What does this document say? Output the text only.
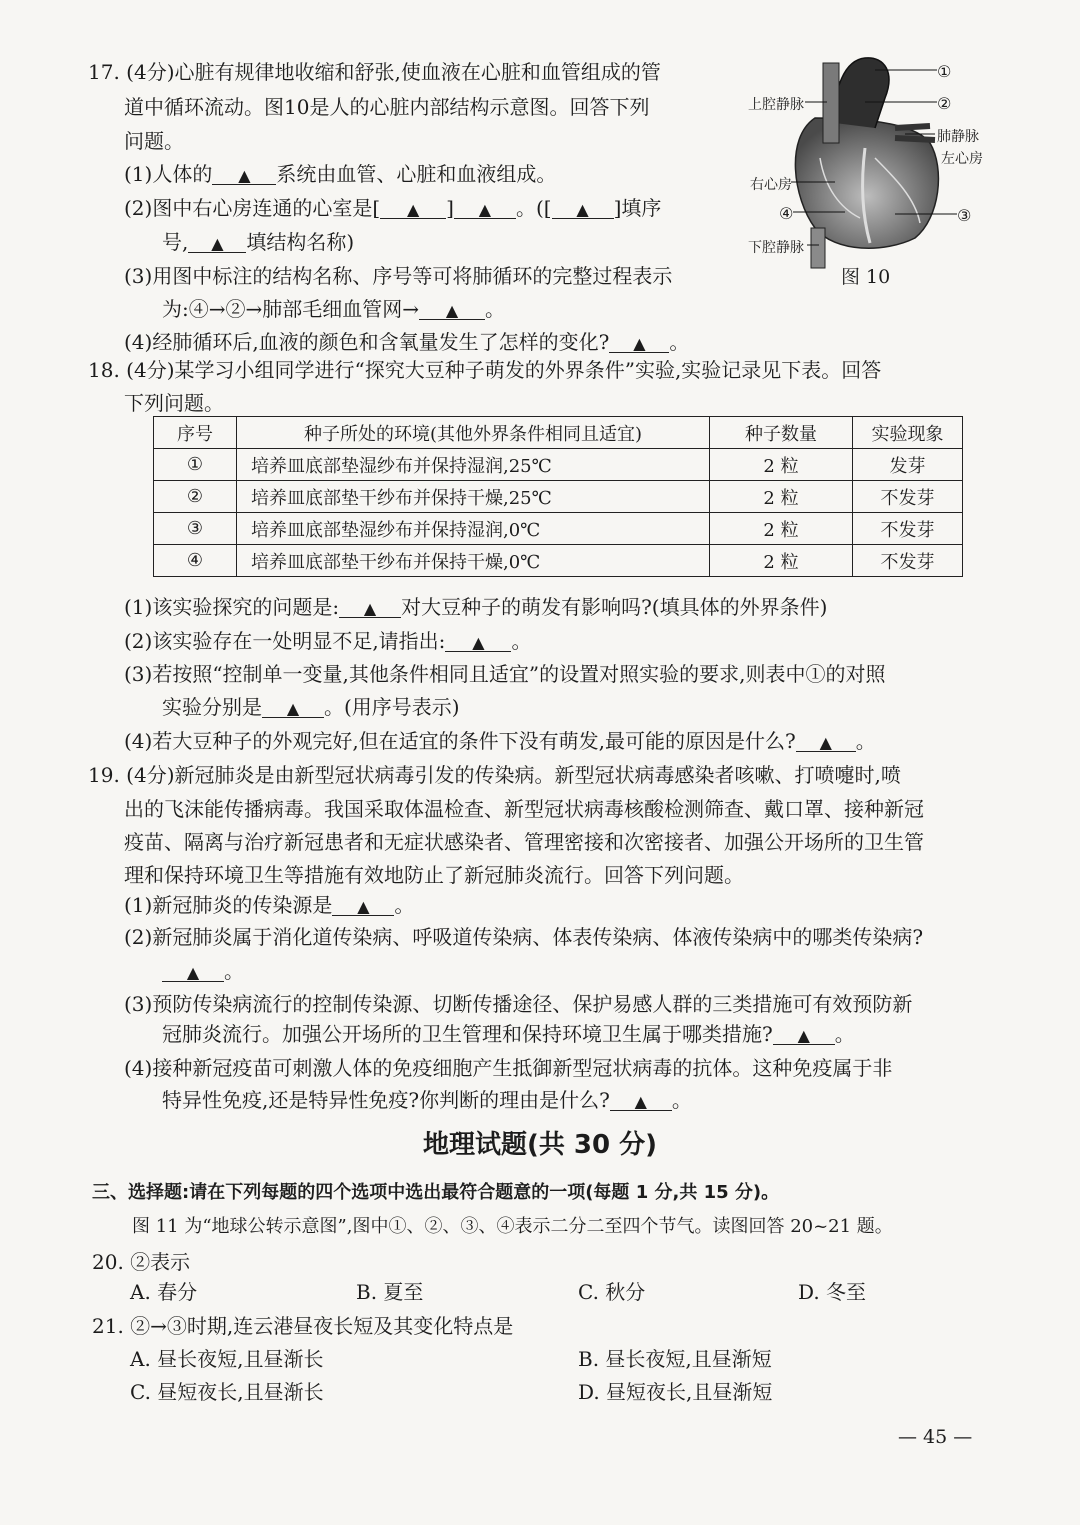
17. (4分)心脏有规律地收缩和舒张,使血液在心脏和血管组成的管
道中循环流动。图10是人的心脏内部结构示意图。回答下列
问题。
(1)人体的 ▲ 系统由血管、心脏和血液组成。
(2)图中右心房连通的心室是[ ▲ ] ▲ 。([ ▲ ]填序
号, ▲ 填结构名称)
(3)用图中标注的结构名称、序号等可将肺循环的完整过程表示
为:④→②→肺部毛细血管网→ ▲ 。
(4)经肺循环后,血液的颜色和含氧量发生了怎样的变化? ▲ 。
①
②
上腔静脉
肺静脉
左心房
右心房
④	③
下腔静脉
图 10
18. (4分)某学习小组同学进行“探究大豆种子萌发的外界条件”实验,实验记录见下表。回答
下列问题。
序号	种子所处的环境(其他外界条件相同且适宜)	种子数量	实验现象
①	培养皿底部垫湿纱布并保持湿润,25℃	2 粒	发芽
②	培养皿底部垫干纱布并保持干燥,25℃	2 粒	不发芽
③	培养皿底部垫湿纱布并保持湿润,0℃	2 粒	不发芽
④	培养皿底部垫干纱布并保持干燥,0℃	2 粒	不发芽
(1)该实验探究的问题是: ▲ 对大豆种子的萌发有影响吗?(填具体的外界条件)
(2)该实验存在一处明显不足,请指出: ▲ 。
(3)若按照“控制单一变量,其他条件相同且适宜”的设置对照实验的要求,则表中①的对照
实验分别是 ▲ 。(用序号表示)
(4)若大豆种子的外观完好,但在适宜的条件下没有萌发,最可能的原因是什么? ▲ 。
19. (4分)新冠肺炎是由新型冠状病毒引发的传染病。新型冠状病毒感染者咳嗽、打喷嚏时,喷
出的飞沫能传播病毒。我国采取体温检查、新型冠状病毒核酸检测筛查、戴口罩、接种新冠
疫苗、隔离与治疗新冠患者和无症状感染者、管理密接和次密接者、加强公开场所的卫生管
理和保持环境卫生等措施有效地防止了新冠肺炎流行。回答下列问题。
(1)新冠肺炎的传染源是 ▲ 。
(2)新冠肺炎属于消化道传染病、呼吸道传染病、体表传染病、体液传染病中的哪类传染病?
▲ 。
(3)预防传染病流行的控制传染源、切断传播途径、保护易感人群的三类措施可有效预防新
冠肺炎流行。加强公开场所的卫生管理和保持环境卫生属于哪类措施? ▲ 。
(4)接种新冠疫苗可刺激人体的免疫细胞产生抵御新型冠状病毒的抗体。这种免疫属于非
特异性免疫,还是特异性免疫?你判断的理由是什么? ▲ 。
地理试题(共 30 分)
三、选择题:请在下列每题的四个选项中选出最符合题意的一项(每题 1 分,共 15 分)。
图 11 为“地球公转示意图”,图中①、②、③、④表示二分二至四个节气。读图回答 20~21 题。
20. ②表示
A. 春分	B. 夏至	C. 秋分	D. 冬至
21. ②→③时期,连云港昼夜长短及其变化特点是
A. 昼长夜短,且昼渐长	B. 昼长夜短,且昼渐短
C. 昼短夜长,且昼渐长	D. 昼短夜长,且昼渐短
— 45 —
